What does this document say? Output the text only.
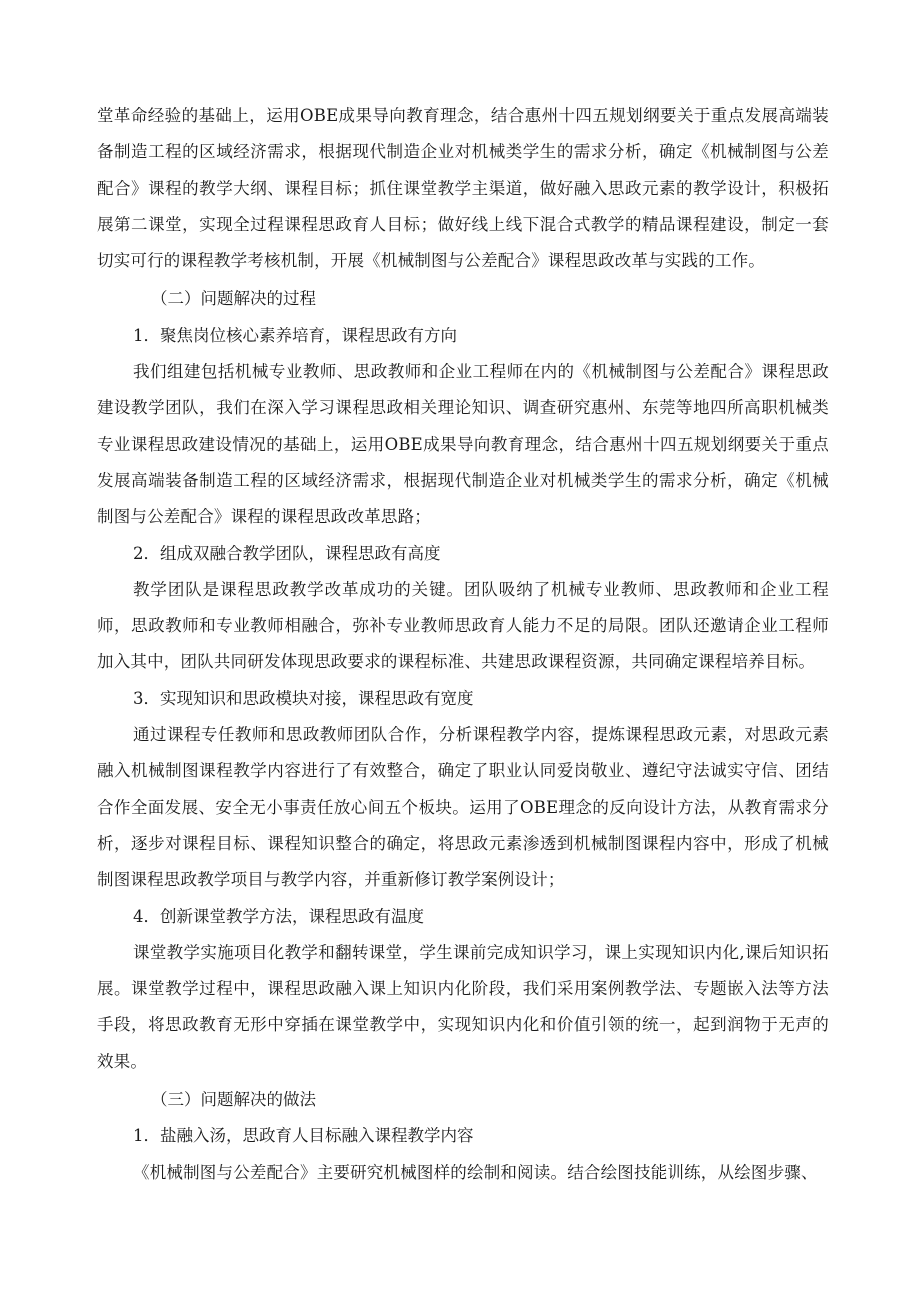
堂革命经验的基础上，运用OBE成果导向教育理念，结合惠州十四五规划纲要关于重点发展高端装备制造工程的区域经济需求，根据现代制造企业对机械类学生的需求分析，确定《机械制图与公差配合》课程的教学大纲、课程目标；抓住课堂教学主渠道，做好融入思政元素的教学设计，积极拓展第二课堂，实现全过程课程思政育人目标；做好线上线下混合式教学的精品课程建设，制定一套切实可行的课程教学考核机制，开展《机械制图与公差配合》课程思政改革与实践的工作。

（二）问题解决的过程

1．聚焦岗位核心素养培育，课程思政有方向

我们组建包括机械专业教师、思政教师和企业工程师在内的《机械制图与公差配合》课程思政建设教学团队，我们在深入学习课程思政相关理论知识、调查研究惠州、东莞等地四所高职机械类专业课程思政建设情况的基础上，运用OBE成果导向教育理念，结合惠州十四五规划纲要关于重点发展高端装备制造工程的区域经济需求，根据现代制造企业对机械类学生的需求分析，确定《机械制图与公差配合》课程的课程思政改革思路；

2．组成双融合教学团队，课程思政有高度

教学团队是课程思政教学改革成功的关键。团队吸纳了机械专业教师、思政教师和企业工程师，思政教师和专业教师相融合，弥补专业教师思政育人能力不足的局限。团队还邀请企业工程师加入其中，团队共同研发体现思政要求的课程标准、共建思政课程资源，共同确定课程培养目标。

3．实现知识和思政模块对接，课程思政有宽度

通过课程专任教师和思政教师团队合作，分析课程教学内容，提炼课程思政元素，对思政元素融入机械制图课程教学内容进行了有效整合，确定了职业认同爱岗敬业、遵纪守法诚实守信、团结合作全面发展、安全无小事责任放心间五个板块。运用了OBE理念的反向设计方法，从教育需求分析，逐步对课程目标、课程知识整合的确定，将思政元素渗透到机械制图课程内容中，形成了机械制图课程思政教学项目与教学内容，并重新修订教学案例设计；

4．创新课堂教学方法，课程思政有温度

课堂教学实施项目化教学和翻转课堂，学生课前完成知识学习，课上实现知识内化,课后知识拓展。课堂教学过程中，课程思政融入课上知识内化阶段，我们采用案例教学法、专题嵌入法等方法手段，将思政教育无形中穿插在课堂教学中，实现知识内化和价值引领的统一，起到润物于无声的效果。

（三）问题解决的做法

1．盐融入汤，思政育人目标融入课程教学内容

《机械制图与公差配合》主要研究机械图样的绘制和阅读。结合绘图技能训练，从绘图步骤、
